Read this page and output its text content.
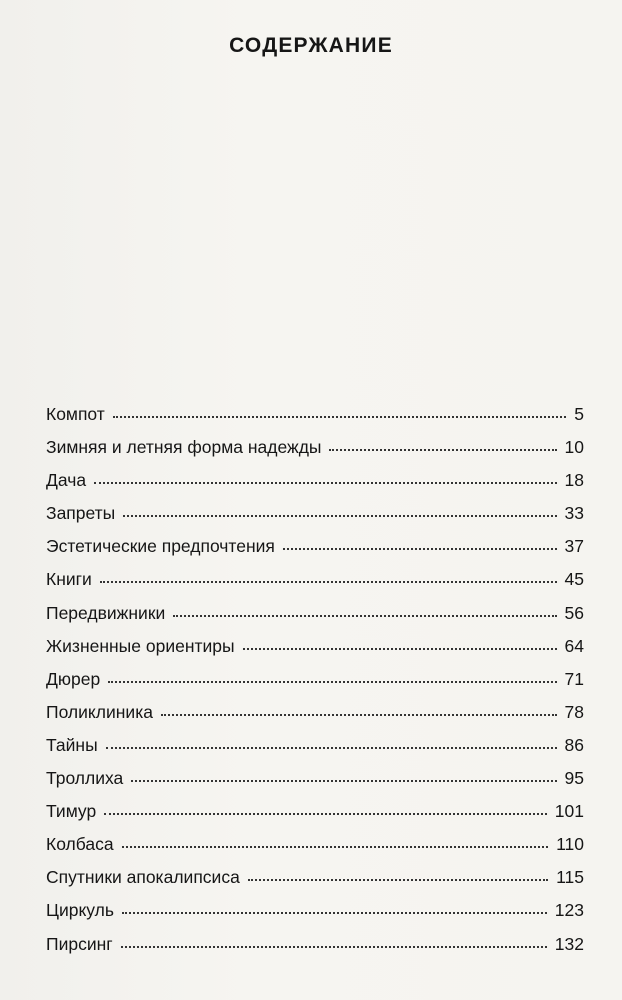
СОДЕРЖАНИЕ
Компот	5
Зимняя и летняя форма надежды	10
Дача	18
Запреты	33
Эстетические предпочтения	37
Книги	45
Передвижники	56
Жизненные ориентиры	64
Дюрер	71
Поликлиника	78
Тайны	86
Троллиха	95
Тимур	101
Колбаса	110
Спутники апокалипсиса	115
Циркуль	123
Пирсинг	132
